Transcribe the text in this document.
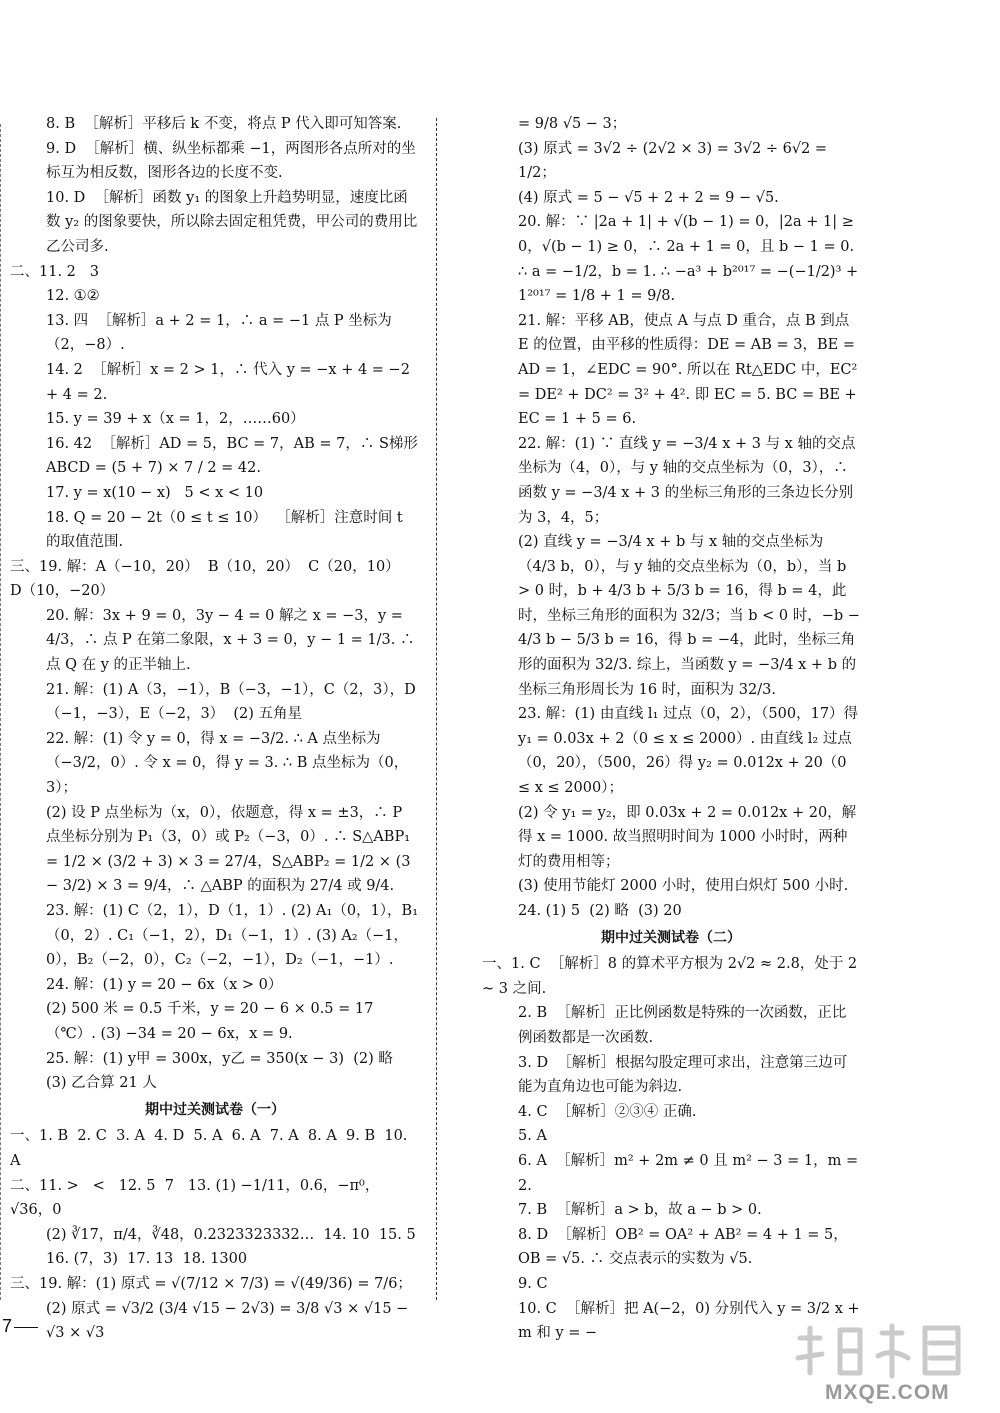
8. B  ［解析］平移后 k 不变，将点 P 代入即可知答案.

9. D  ［解析］横、纵坐标都乘 −1，两图形各点所对的坐标互为相反数，图形各边的长度不变.

10. D  ［解析］函数 y₁ 的图象上升趋势明显，速度比函数 y₂ 的图象要快，所以除去固定租凭费，甲公司的费用比乙公司多.

二、11. 2   3

12. ①②

13. 四  ［解析］a + 2 = 1，∴ a = −1 点 P 坐标为（2，−8）.

14. 2  ［解析］x = 2 > 1，∴ 代入 y = −x + 4 = −2 + 4 = 2.

15. y = 39 + x（x = 1，2，……60）

16. 42  ［解析］AD = 5，BC = 7，AB = 7，∴ S梯形ABCD = (5 + 7) × 7 / 2 = 42.

17. y = x(10 − x)   5 < x < 10

18. Q = 20 − 2t（0 ≤ t ≤ 10）  ［解析］注意时间 t 的取值范围.

三、19. 解：A（−10，20）  B（10，20）  C（20，10）  D（10，−20）

20. 解：3x + 9 = 0，3y − 4 = 0 解之 x = −3，y = 4/3，∴ 点 P 在第二象限，x + 3 = 0，y − 1 = 1/3. ∴ 点 Q 在 y 的正半轴上.

21. 解：(1) A（3，−1），B（−3，−1），C（2，3），D（−1，−3），E（−2，3）  (2) 五角星

22. 解：(1) 令 y = 0，得 x = −3/2. ∴ A 点坐标为（−3/2，0）. 令 x = 0，得 y = 3. ∴ B 点坐标为（0，3）；

(2) 设 P 点坐标为（x，0），依题意，得 x = ±3，∴ P 点坐标分别为 P₁（3，0）或 P₂（−3，0）. ∴ S△ABP₁ = 1/2 × (3/2 + 3) × 3 = 27/4，S△ABP₂ = 1/2 × (3 − 3/2) × 3 = 9/4，∴ △ABP 的面积为 27/4 或 9/4.

23. 解：(1) C（2，1），D（1，1）. (2) A₁（0，1），B₁（0，2）. C₁（−1，2），D₁（−1，1）. (3) A₂（−1，0），B₂（−2，0），C₂（−2，−1），D₂（−1，−1）.

24. 解：(1) y = 20 − 6x（x > 0）

(2) 500 米 = 0.5 千米，y = 20 − 6 × 0.5 = 17（℃）. (3) −34 = 20 − 6x，x = 9.

25. 解：(1) y甲 = 300x，y乙 = 350(x − 3)  (2) 略  (3) 乙合算 21 人

期中过关测试卷（一）

一、1. B  2. C  3. A  4. D  5. A  6. A  7. A  8. A  9. B  10. A

二、11. >   <   12. 5  7   13. (1) −1/11，0.6，−π⁰，√36，0

(2) ∛17，π/4，∛48，0.2323323332…  14. 10  15. 5  16. (7，3)  17. 13  18. 1300

三、19. 解：(1) 原式 = √(7/12 × 7/3) = √(49/36) = 7/6；

(2) 原式 = √3/2 (3/4 √15 − 2√3) = 3/8 √3 × √15 − √3 × √3

= 9/8 √5 − 3；

(3) 原式 = 3√2 ÷ (2√2 × 3) = 3√2 ÷ 6√2 = 1/2；

(4) 原式 = 5 − √5 + 2 + 2 = 9 − √5.

20. 解：∵ |2a + 1| + √(b − 1) = 0，|2a + 1| ≥ 0，√(b − 1) ≥ 0，∴ 2a + 1 = 0，且 b − 1 = 0. ∴ a = −1/2，b = 1. ∴ −a³ + b²⁰¹⁷ = −(−1/2)³ + 1²⁰¹⁷ = 1/8 + 1 = 9/8.

21. 解：平移 AB，使点 A 与点 D 重合，点 B 到点 E 的位置，由平移的性质得：DE = AB = 3，BE = AD = 1，∠EDC = 90°. 所以在 Rt△EDC 中，EC² = DE² + DC² = 3² + 4². 即 EC = 5. BC = BE + EC = 1 + 5 = 6.

22. 解：(1) ∵ 直线 y = −3/4 x + 3 与 x 轴的交点坐标为（4，0），与 y 轴的交点坐标为（0，3），∴ 函数 y = −3/4 x + 3 的坐标三角形的三条边长分别为 3，4，5；

(2) 直线 y = −3/4 x + b 与 x 轴的交点坐标为（4/3 b，0），与 y 轴的交点坐标为（0，b），当 b > 0 时，b + 4/3 b + 5/3 b = 16，得 b = 4，此时，坐标三角形的面积为 32/3；当 b < 0 时，−b − 4/3 b − 5/3 b = 16，得 b = −4，此时，坐标三角形的面积为 32/3. 综上，当函数 y = −3/4 x + b 的坐标三角形周长为 16 时，面积为 32/3.

23. 解：(1) 由直线 l₁ 过点（0，2），（500，17）得 y₁ = 0.03x + 2（0 ≤ x ≤ 2000）. 由直线 l₂ 过点（0，20），（500，26）得 y₂ = 0.012x + 20（0 ≤ x ≤ 2000）；

(2) 令 y₁ = y₂，即 0.03x + 2 = 0.012x + 20，解得 x = 1000. 故当照明时间为 1000 小时时，两种灯的费用相等；

(3) 使用节能灯 2000 小时，使用白炽灯 500 小时.

24. (1) 5  (2) 略  (3) 20

期中过关测试卷（二）

一、1. C  ［解析］8 的算术平方根为 2√2 ≈ 2.8，处于 2 ~ 3 之间.

2. B  ［解析］正比例函数是特殊的一次函数，正比例函数都是一次函数.

3. D  ［解析］根据勾股定理可求出，注意第三边可能为直角边也可能为斜边.

4. C  ［解析］②③④ 正确.

5. A

6. A  ［解析］m² + 2m ≠ 0 且 m² − 3 = 1，m = 2.

7. B  ［解析］a > b，故 a − b > 0.

8. D  ［解析］OB² = OA² + AB² = 4 + 1 = 5，OB = √5. ∴ 交点表示的实数为 √5.

9. C

10. C  ［解析］把 A(−2，0) 分别代入 y = 3/2 x + m 和 y = −

7
MXQE.COM
